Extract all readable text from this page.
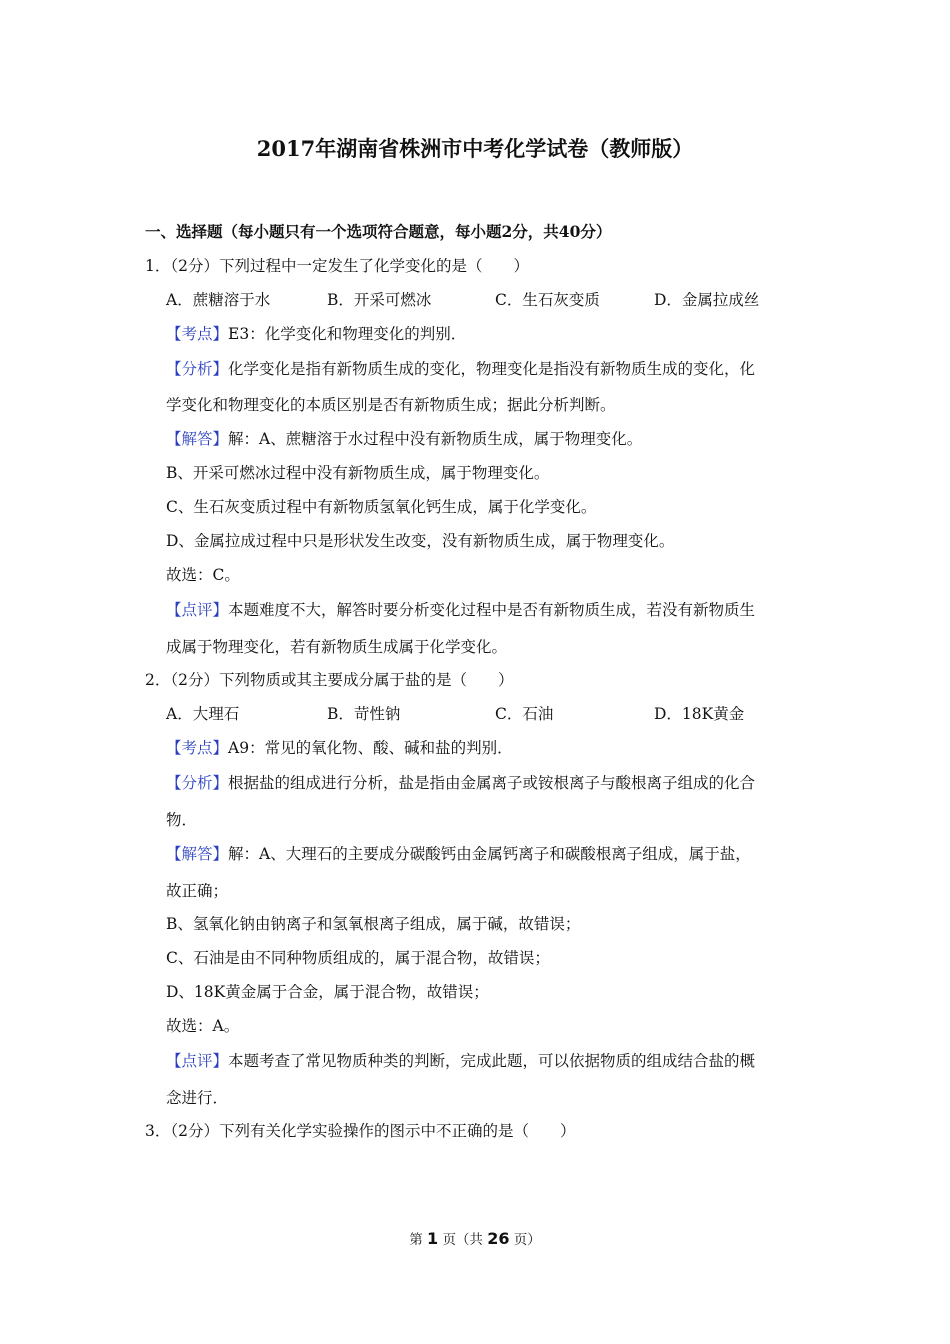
2017年湖南省株洲市中考化学试卷（教师版）
一、选择题（每小题只有一个选项符合题意，每小题2分，共40分）
1．（2分）下列过程中一定发生了化学变化的是（　　）
A．蔗糖溶于水	B．开采可燃冰	C．生石灰变质	D．金属拉成丝
【考点】E3：化学变化和物理变化的判别．
【分析】化学变化是指有新物质生成的变化，物理变化是指没有新物质生成的变化，化
学变化和物理变化的本质区别是否有新物质生成；据此分析判断。
【解答】解：A、蔗糖溶于水过程中没有新物质生成，属于物理变化。
B、开采可燃冰过程中没有新物质生成，属于物理变化。
C、生石灰变质过程中有新物质氢氧化钙生成，属于化学变化。
D、金属拉成过程中只是形状发生改变，没有新物质生成，属于物理变化。
故选：C。
【点评】本题难度不大，解答时要分析变化过程中是否有新物质生成，若没有新物质生
成属于物理变化，若有新物质生成属于化学变化。
2．（2分）下列物质或其主要成分属于盐的是（　　）
A．大理石	B．苛性钠	C．石油	D．18K黄金
【考点】A9：常见的氧化物、酸、碱和盐的判别．
【分析】根据盐的组成进行分析，盐是指由金属离子或铵根离子与酸根离子组成的化合
物．
【解答】解：A、大理石的主要成分碳酸钙由金属钙离子和碳酸根离子组成，属于盐，
故正确；
B、氢氧化钠由钠离子和氢氧根离子组成，属于碱，故错误；
C、石油是由不同种物质组成的，属于混合物，故错误；
D、18K黄金属于合金，属于混合物，故错误；
故选：A。
【点评】本题考查了常见物质种类的判断，完成此题，可以依据物质的组成结合盐的概
念进行．
3．（2分）下列有关化学实验操作的图示中不正确的是（　　）
第 1 页（共 26 页）
